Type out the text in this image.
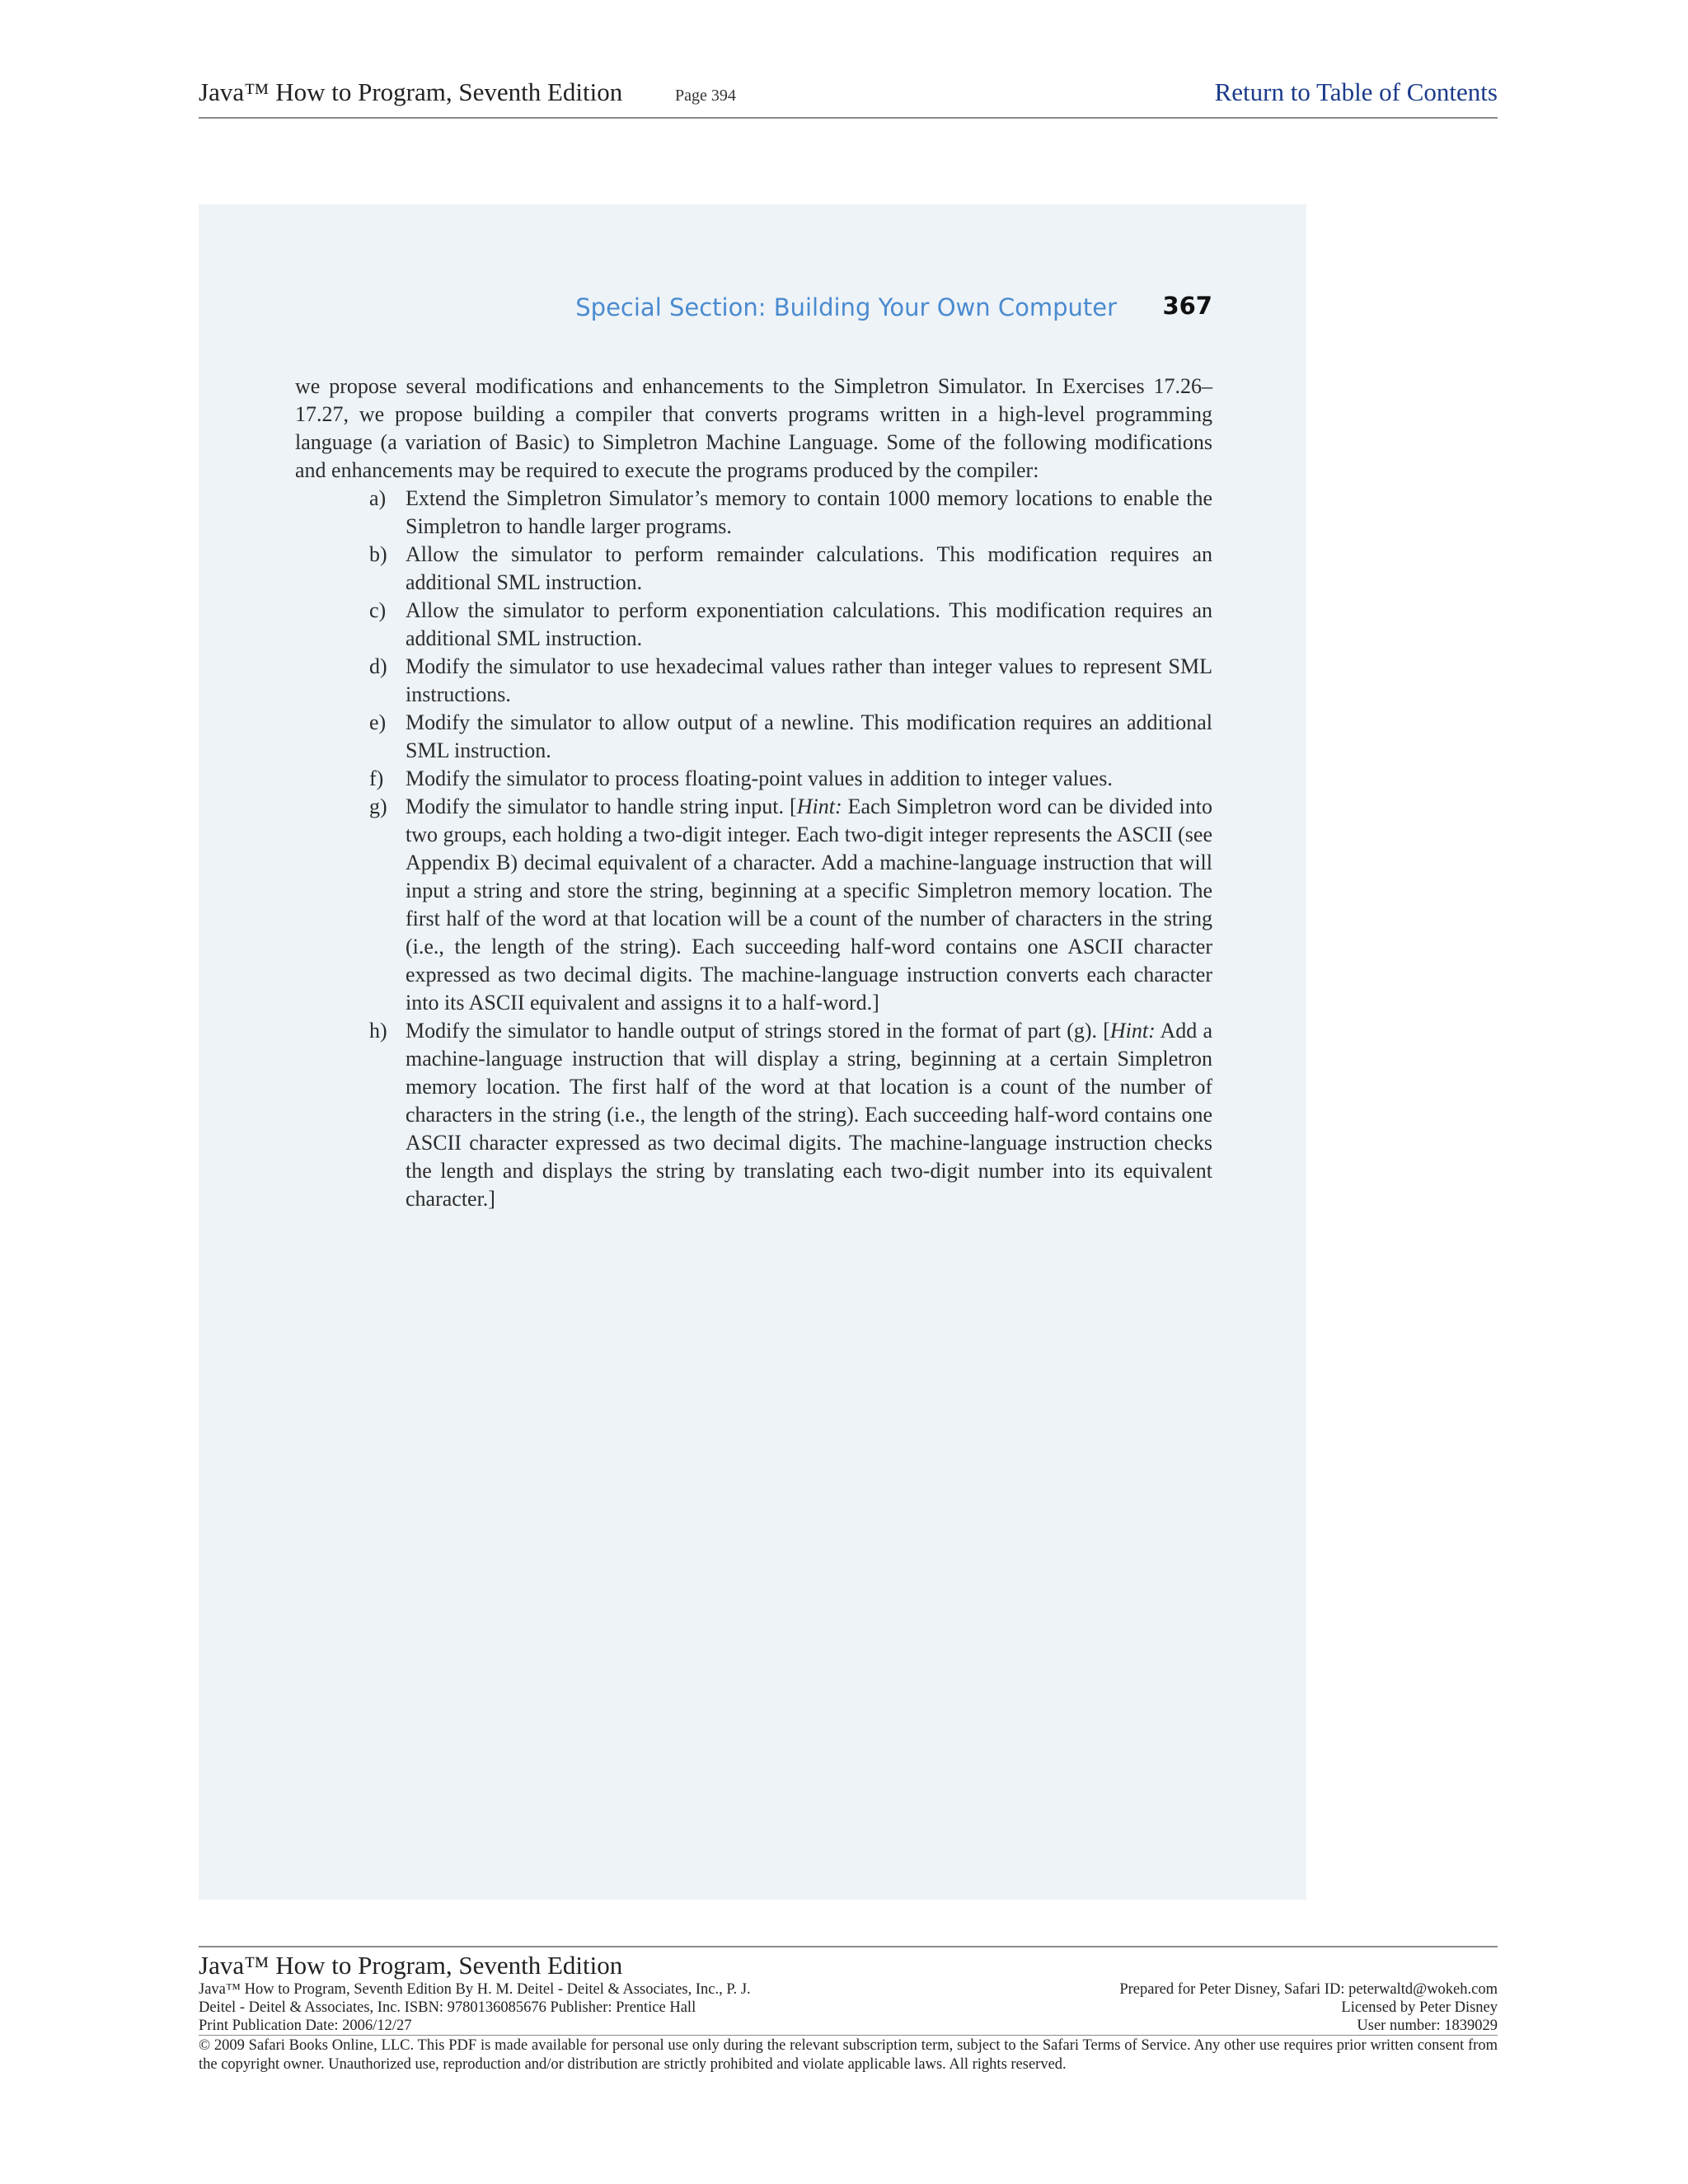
Java™ How to Program, Seventh Edition	Page 394	Return to Table of Contents
Special Section: Building Your Own Computer 367

we propose several modifications and enhancements to the Simpletron Simulator. In Exercises 17.26– 17.27, we propose building a compiler that converts programs written in a high-level programming language (a variation of Basic) to Simpletron Machine Language. Some of the following modifications and enhancements may be required to execute the programs produced by the compiler:

a) Extend the Simpletron Simulator’s memory to contain 1000 memory locations to enable the Simpletron to handle larger programs.
b) Allow the simulator to perform remainder calculations. This modification requires an additional SML instruction.
c) Allow the simulator to perform exponentiation calculations. This modification requires an additional SML instruction.
d) Modify the simulator to use hexadecimal values rather than integer values to represent SML instructions.
e) Modify the simulator to allow output of a newline. This modification requires an additional SML instruction.
f) Modify the simulator to process floating-point values in addition to integer values.
g) Modify the simulator to handle string input. [Hint: Each Simpletron word can be divided into two groups, each holding a two-digit integer. Each two-digit integer represents the ASCII (see Appendix B) decimal equivalent of a character. Add a machine-language instruction that will input a string and store the string, beginning at a specific Simpletron memory location. The first half of the word at that location will be a count of the number of characters in the string (i.e., the length of the string). Each succeeding half-word contains one ASCII character expressed as two decimal digits. The machine-language instruction converts each character into its ASCII equivalent and assigns it to a half-word.]
h) Modify the simulator to handle output of strings stored in the format of part (g). [Hint: Add a machine-language instruction that will display a string, beginning at a certain Simpletron memory location. The first half of the word at that location is a count of the number of characters in the string (i.e., the length of the string). Each succeeding half-word contains one ASCII character expressed as two decimal digits. The machine-language instruction checks the length and displays the string by translating each two-digit number into its equivalent character.]
Java™ How to Program, Seventh Edition
Java™ How to Program, Seventh Edition By H. M. Deitel - Deitel & Associates, Inc., P. J.
Deitel - Deitel & Associates, Inc. ISBN: 9780136085676 Publisher: Prentice Hall
Print Publication Date: 2006/12/27
Prepared for Peter Disney, Safari ID: peterwaltd@wokeh.com
Licensed by Peter Disney
User number: 1839029
© 2009 Safari Books Online, LLC. This PDF is made available for personal use only during the relevant subscription term, subject to the Safari Terms of Service. Any other use requires prior written consent from the copyright owner. Unauthorized use, reproduction and/or distribution are strictly prohibited and violate applicable laws. All rights reserved.
